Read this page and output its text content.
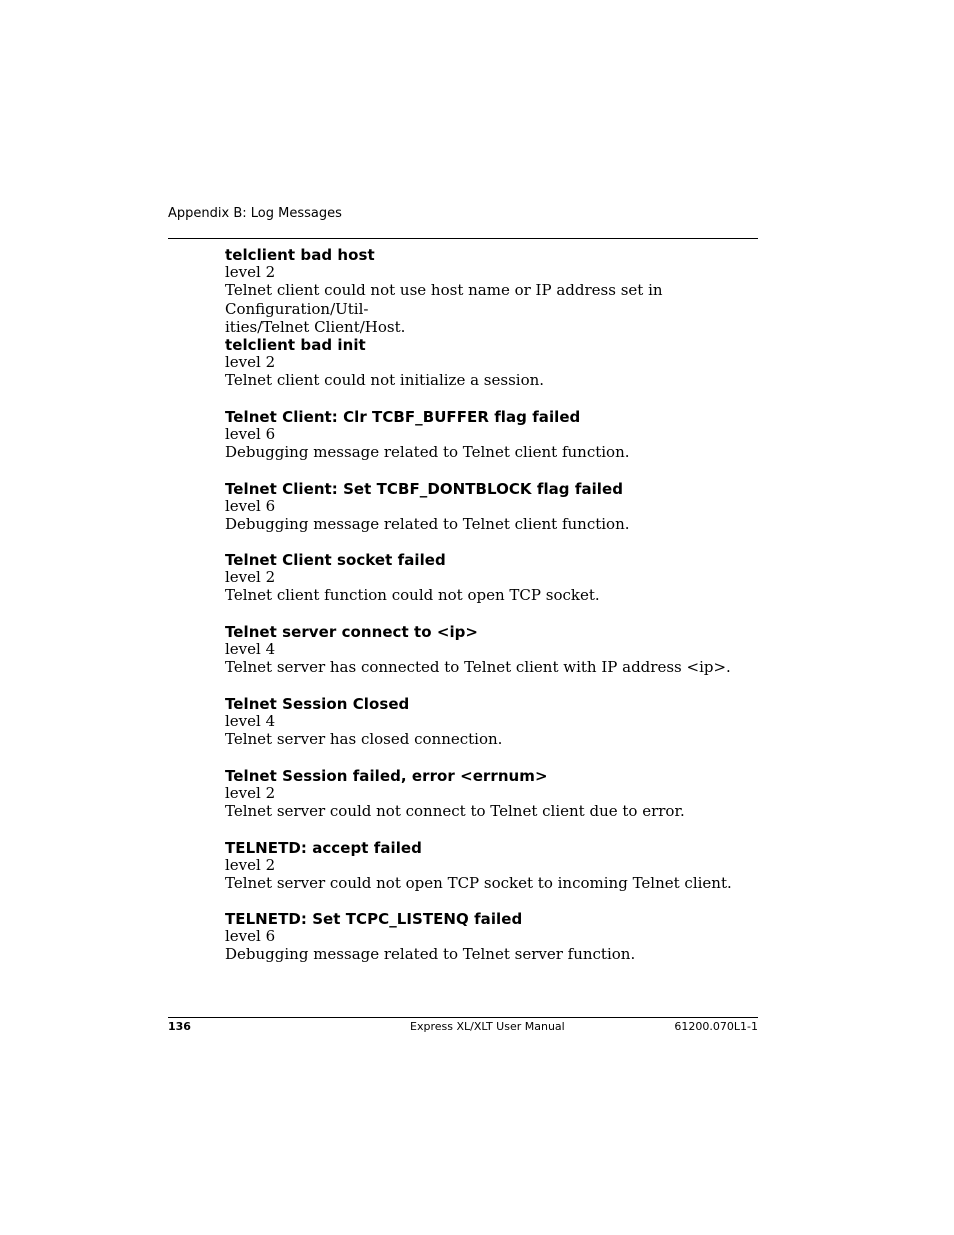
Appendix B: Log Messages
telclient bad host
level 2
Telnet client could not use host name or IP address set in Configuration/Util-
ities/Telnet Client/Host.
telclient bad init
level 2
Telnet client could not initialize a session.
Telnet Client: Clr TCBF_BUFFER flag failed
level 6
Debugging message related to Telnet client function.
Telnet Client: Set TCBF_DONTBLOCK flag failed
level 6
Debugging message related to Telnet client function.
Telnet Client socket failed
level 2
Telnet client function could not open TCP socket.
Telnet server connect to <ip>
level 4
Telnet server has connected to Telnet client with IP address <ip>.
Telnet Session Closed
level 4
Telnet server has closed connection.
Telnet Session failed, error <errnum>
level 2
Telnet server could not connect to Telnet client due to error.
TELNETD: accept failed
level 2
Telnet server could not open TCP socket to incoming Telnet client.
TELNETD: Set TCPC_LISTENQ failed
level 6
Debugging message related to Telnet server function.
136	Express XL/XLT User Manual	61200.070L1-1
